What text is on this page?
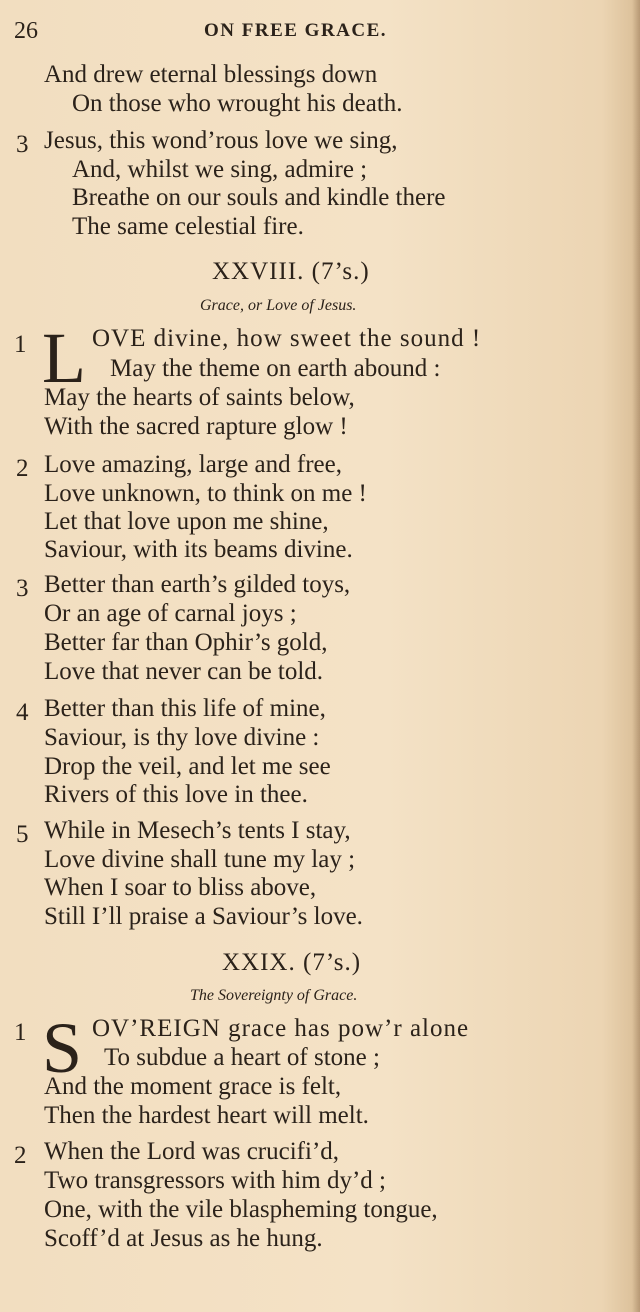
26	ON FREE GRACE.
And drew eternal blessings down
On those who wrought his death.
3 Jesus, this wond’rous love we sing,
And, whilst we sing, admire ;
Breathe on our souls and kindle there
The same celestial fire.
XXVIII. (7’s.)
Grace, or Love of Jesus.
1 L OVE divine, how sweet the sound !
May the theme on earth abound :
May the hearts of saints below,
With the sacred rapture glow !
2 Love amazing, large and free,
Love unknown, to think on me !
Let that love upon me shine,
Saviour, with its beams divine.
3 Better than earth’s gilded toys,
Or an age of carnal joys ;
Better far than Ophir’s gold,
Love that never can be told.
4 Better than this life of mine,
Saviour, is thy love divine :
Drop the veil, and let me see
Rivers of this love in thee.
5 While in Mesech’s tents I stay,
Love divine shall tune my lay ;
When I soar to bliss above,
Still I’ll praise a Saviour’s love.
XXIX. (7’s.)
The Sovereignty of Grace.
1 S OV’REIGN grace has pow’r alone
To subdue a heart of stone ;
And the moment grace is felt,
Then the hardest heart will melt.
2 When the Lord was crucifi’d,
Two transgressors with him dy’d ;
One, with the vile blaspheming tongue,
Scoff’d at Jesus as he hung.
